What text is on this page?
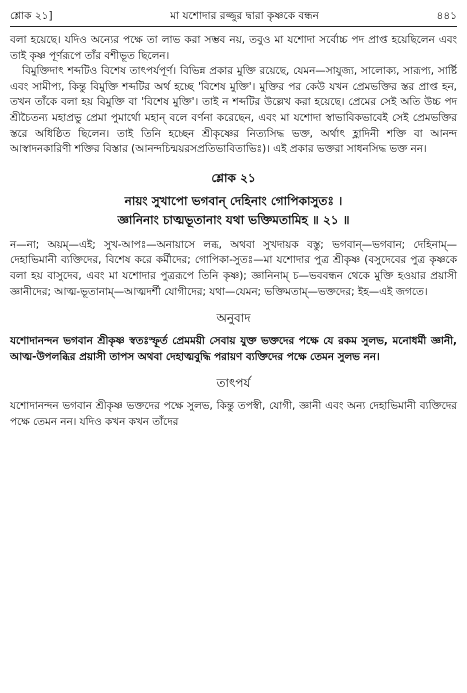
শ্লোক ২১]	মা যশোদার রজ্জুর দ্বারা কৃষ্ণকে বন্ধন	৪৪১

বলা হয়েছে। যদিও অন্যের পক্ষে তা লাভ করা সম্ভব নয়, তবুও মা যশোদা সর্বোচ্চ পদ প্রাপ্ত হয়েছিলেন এবং তাই কৃষ্ণ পূর্ণরূপে তাঁর বশীভূত ছিলেন।

বিমুক্তিদাৎ শব্দটিও বিশেষ তাৎপর্যপূর্ণ। বিভিন্ন প্রকার মুক্তি রয়েছে, যেমন—সাযুজ্য, সালোক্য, সারূপ্য, সার্ষ্টি এবং সামীপ্য, কিন্তু বিমুক্তি শব্দটির অর্থ হচ্ছে 'বিশেষ মুক্তি'। মুক্তির পর কেউ যখন প্রেমভক্তির স্তর প্রাপ্ত হন, তখন তাঁকে বলা হয় বিমুক্তি বা 'বিশেষ মুক্তি'। তাই ন শব্দটির উল্লেখ করা হয়েছে। প্রেমের সেই অতি উচ্চ পদ শ্রীচৈতন্য মহাপ্রভু প্রেমা পুমার্থো মহান্ বলে বর্ণনা করেছেন, এবং মা যশোদা স্বাভাবিকভাবেই সেই প্রেমভক্তির স্তরে অধিষ্ঠিত ছিলেন। তাই তিনি হচ্ছেন শ্রীকৃষ্ণের নিত্যসিদ্ধ ভক্ত, অর্থাৎ হ্লাদিনী শক্তি বা আনন্দ আস্বাদনকারিণী শক্তির বিস্তার (আনন্দচিন্ময়রসপ্রতিভাবিতাভিঃ)। এই প্রকার ভক্তরা সাধনসিদ্ধ ভক্ত নন।

শ্লোক ২১

নায়ং সুখাপো ভগবান্ দেহিনাং গোপিকাসুতঃ ।

জ্ঞানিনাং চাত্মভূতানাং যথা ভক্তিমতামিহ ॥ ২১ ॥

ন—না; অয়ম্—এই; সুখ-আপঃ—অনায়াসে লব্ধ, অথবা সুখদায়ক বস্তু; ভগবান্—ভগবান; দেহিনাম্—দেহাভিমানী ব্যক্তিদের, বিশেষ করে কর্মীদের; গোপিকা-সুতঃ—মা যশোদার পুত্র শ্রীকৃষ্ণ (বসুদেবের পুত্র কৃষ্ণকে বলা হয় বাসুদেব, এবং মা যশোদার পুত্ররূপে তিনি কৃষ্ণ); জ্ঞানিনাম্ চ—ভববন্ধন থেকে মুক্তি হওয়ার প্রয়াসী জ্ঞানীদের; আত্ম-ভূতানাম্—আত্মদর্শী যোগীদের; যথা—যেমন; ভক্তিমতাম্—ভক্তদের; ইহ—এই জগতে।

অনুবাদ

যশোদানন্দন ভগবান শ্রীকৃষ্ণ স্বতঃস্ফূর্ত প্রেমময়ী সেবায় যুক্ত ভক্তদের পক্ষে যে রকম সুলভ, মনোধর্মী জ্ঞানী, আত্ম-উপলব্ধির প্রয়াসী তাপস অথবা দেহাত্মবুদ্ধি পরায়ণ ব্যক্তিদের পক্ষে তেমন সুলভ নন।

তাৎপর্য

যশোদানন্দন ভগবান শ্রীকৃষ্ণ ভক্তদের পক্ষে সুলভ, কিন্তু তপস্বী, যোগী, জ্ঞানী এবং অন্য দেহাভিমানী ব্যক্তিদের পক্ষে তেমন নন। যদিও কখন কখন তাঁদের
